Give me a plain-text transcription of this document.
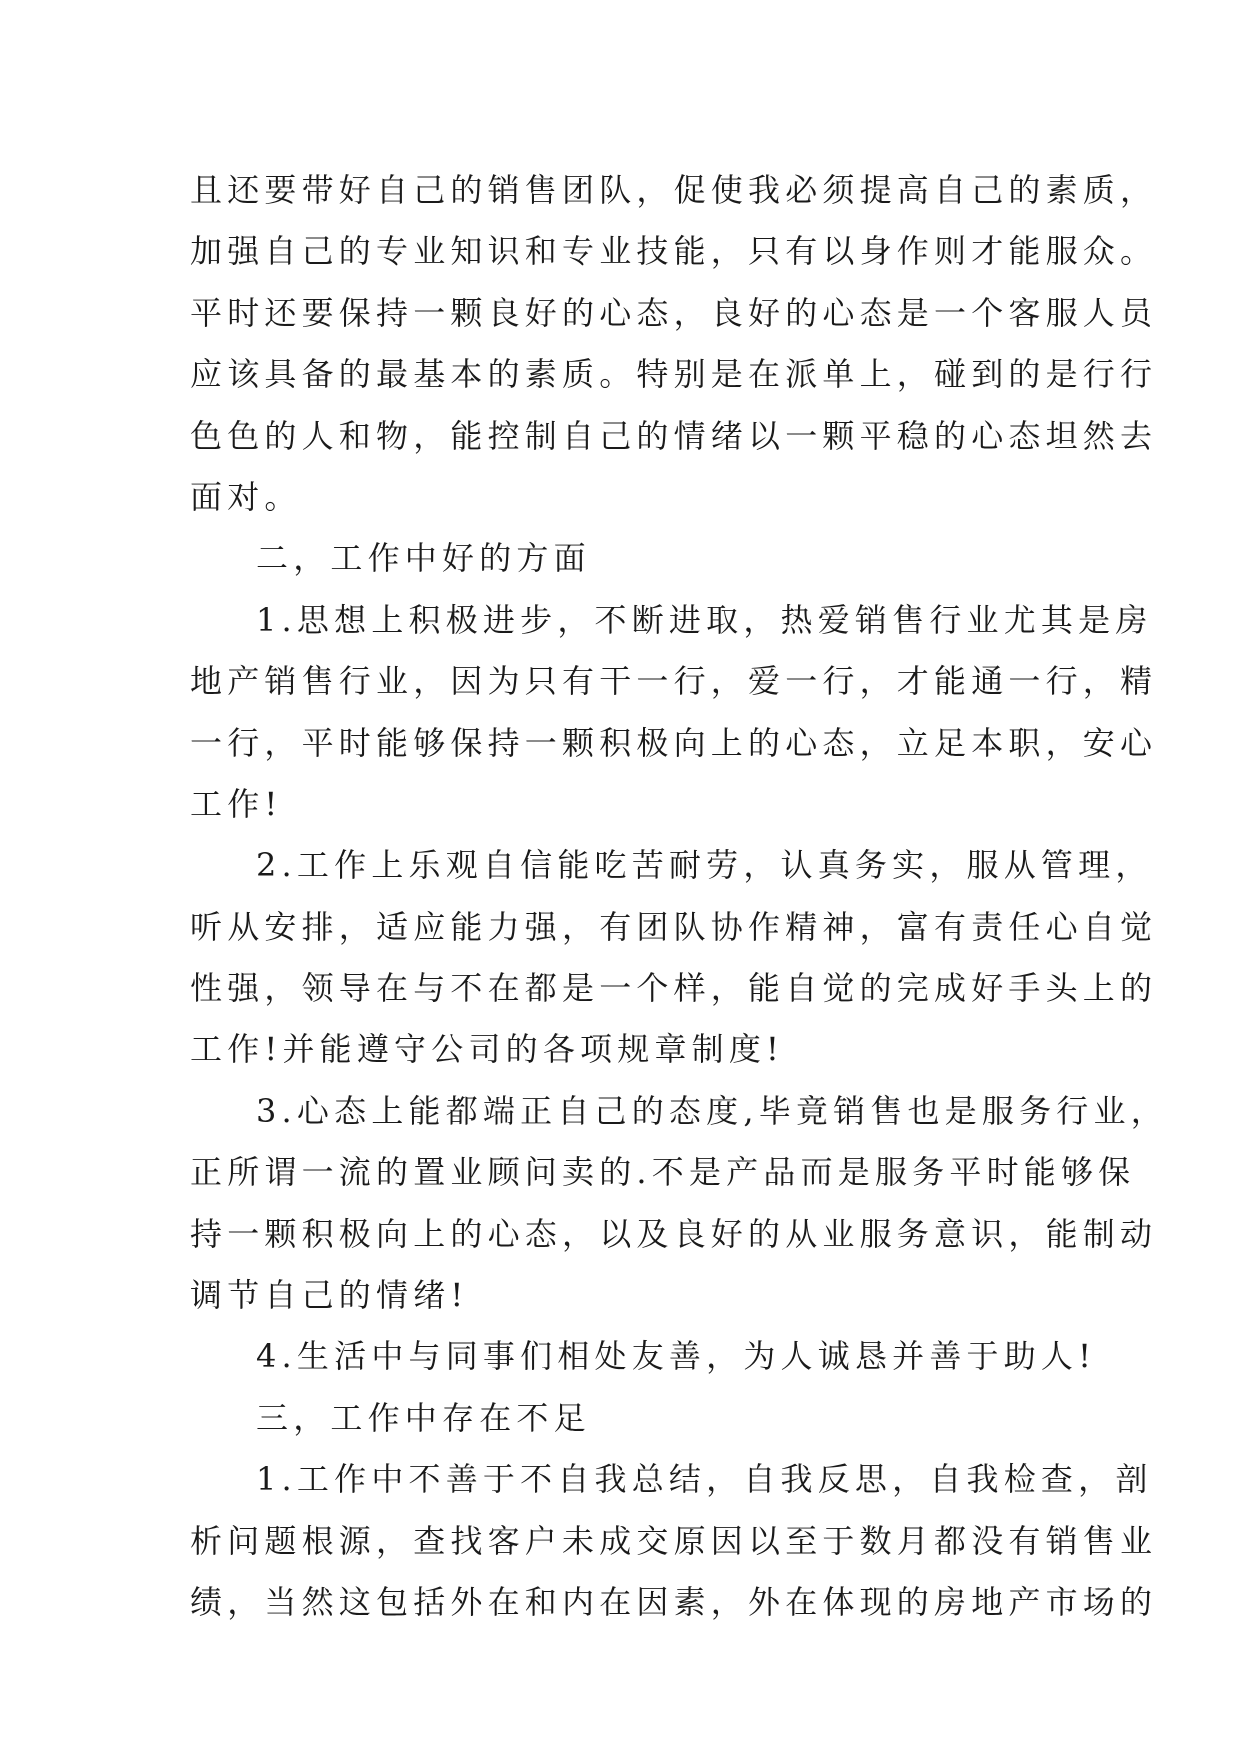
且还要带好自己的销售团队，促使我必须提高自己的素质，
加强自己的专业知识和专业技能，只有以身作则才能服众。
平时还要保持一颗良好的心态，良好的心态是一个客服人员
应该具备的最基本的素质。特别是在派单上，碰到的是行行
色色的人和物，能控制自己的情绪以一颗平稳的心态坦然去
面对。
二，工作中好的方面
1.思想上积极进步，不断进取，热爱销售行业尤其是房
地产销售行业，因为只有干一行，爱一行，才能通一行，精
一行，平时能够保持一颗积极向上的心态，立足本职，安心
工作!
2.工作上乐观自信能吃苦耐劳，认真务实，服从管理，
听从安排，适应能力强，有团队协作精神，富有责任心自觉
性强，领导在与不在都是一个样，能自觉的完成好手头上的
工作!并能遵守公司的各项规章制度!
3.心态上能都端正自己的态度,毕竟销售也是服务行业，
正所谓一流的置业顾问卖的.不是产品而是服务平时能够保
持一颗积极向上的心态，以及良好的从业服务意识，能制动
调节自己的情绪!
4.生活中与同事们相处友善，为人诚恳并善于助人!
三，工作中存在不足
1.工作中不善于不自我总结，自我反思，自我检查，剖
析问题根源，查找客户未成交原因以至于数月都没有销售业
绩，当然这包括外在和内在因素，外在体现的房地产市场的
